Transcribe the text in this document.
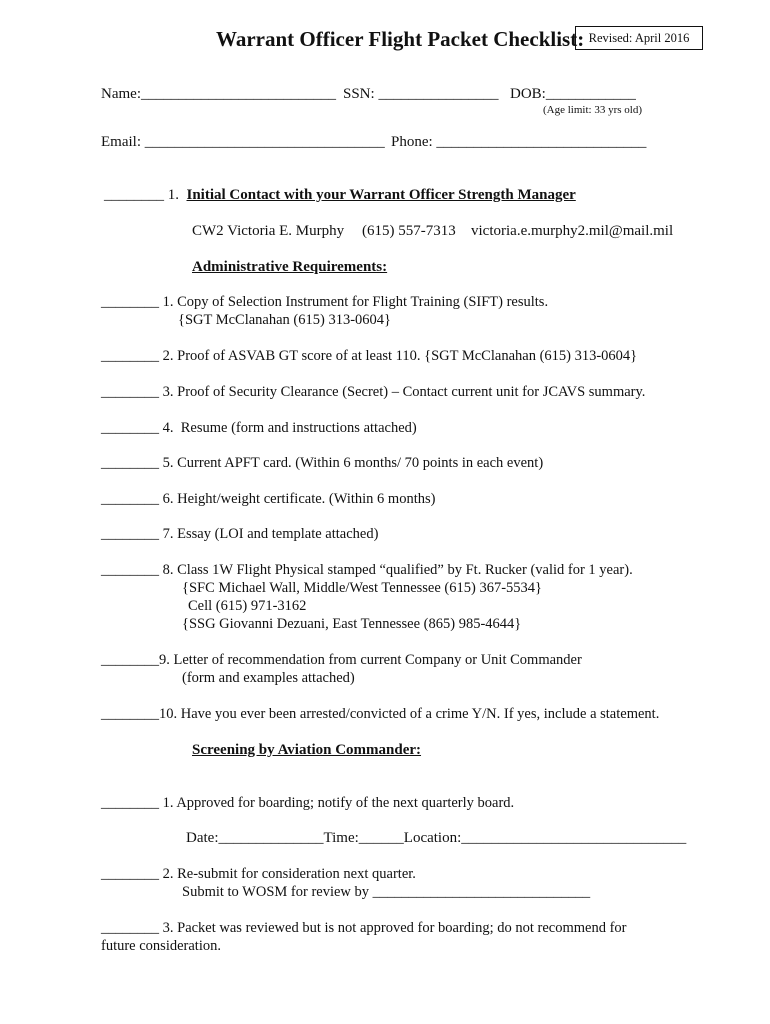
Warrant Officer Flight Packet Checklist: Revised: April 2016
Name:__________________________ SSN: ________________ DOB:____________
(Age limit: 33 yrs old)
Email: ________________________________ Phone: ____________________________
________ 1. Initial Contact with your Warrant Officer Strength Manager
CW2 Victoria E. Murphy (615) 557-7313 victoria.e.murphy2.mil@mail.mil
Administrative Requirements:
________ 1. Copy of Selection Instrument for Flight Training (SIFT) results.
{SGT McClanahan (615) 313-0604}
________ 2. Proof of ASVAB GT score of at least 110. {SGT McClanahan (615) 313-0604}
________ 3. Proof of Security Clearance (Secret) – Contact current unit for JCAVS summary.
________ 4.  Resume (form and instructions attached)
________ 5. Current APFT card. (Within 6 months/ 70 points in each event)
________ 6. Height/weight certificate. (Within 6 months)
________ 7. Essay (LOI and template attached)
________ 8. Class 1W Flight Physical stamped “qualified” by Ft. Rucker (valid for 1 year).
{SFC Michael Wall, Middle/West Tennessee (615) 367-5534}
Cell (615) 971-3162
{SSG Giovanni Dezuani, East Tennessee (865) 985-4644}
________9. Letter of recommendation from current Company or Unit Commander
(form and examples attached)
________10. Have you ever been arrested/convicted of a crime Y/N. If yes, include a statement.
Screening by Aviation Commander:
________ 1. Approved for boarding; notify of the next quarterly board.
Date:______________Time:______Location:______________________________
________ 2. Re-submit for consideration next quarter.
Submit to WOSM for review by ______________________________
________ 3. Packet was reviewed but is not approved for boarding; do not recommend for
future consideration.
